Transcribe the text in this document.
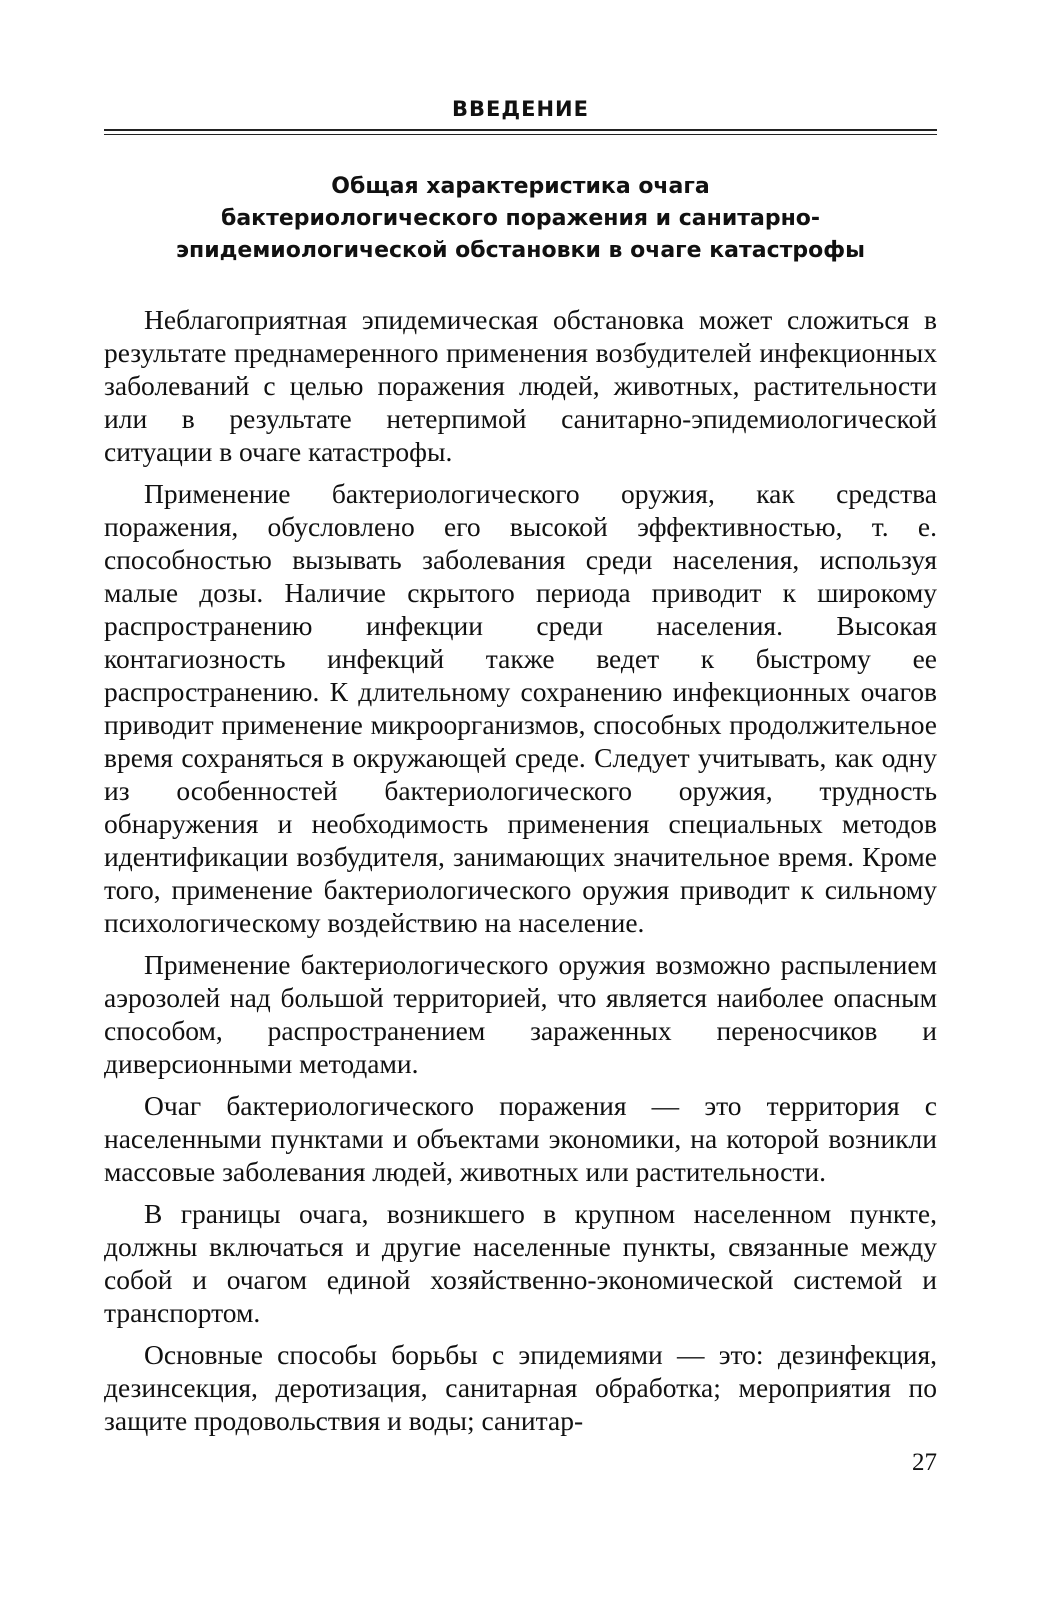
ВВЕДЕНИЕ
Общая характеристика очага
бактериологического поражения и санитарно-
эпидемиологической обстановки в очаге катастрофы

Неблагоприятная эпидемическая обстановка может сложиться в результате преднамеренного применения возбудителей инфекционных заболеваний с целью поражения людей, животных, растительности или в результате нетерпимой санитарно-эпидемиологической ситуации в очаге катастрофы.

Применение бактериологического оружия, как средства поражения, обусловлено его высокой эффективностью, т. е. способностью вызывать заболевания среди населения, используя малые дозы. Наличие скрытого периода приводит к широкому распространению инфекции среди населения. Высокая контагиозность инфекций также ведет к быстрому ее распространению. К длительному сохранению инфекционных очагов приводит применение микроорганизмов, способных продолжительное время сохраняться в окружающей среде. Следует учитывать, как одну из особенностей бактериологического оружия, трудность обнаружения и необходимость применения специальных методов идентификации возбудителя, занимающих значительное время. Кроме того, применение бактериологического оружия приводит к сильному психологическому воздействию на население.

Применение бактериологического оружия возможно распылением аэрозолей над большой территорией, что является наиболее опасным способом, распространением зараженных переносчиков и диверсионными методами.

Очаг бактериологического поражения — это территория с населенными пунктами и объектами экономики, на которой возникли массовые заболевания людей, животных или растительности.

В границы очага, возникшего в крупном населенном пункте, должны включаться и другие населенные пункты, связанные между собой и очагом единой хозяйственно-экономической системой и транспортом.

Основные способы борьбы с эпидемиями — это: дезинфекция, дезинсекция, деротизация, санитарная обработка; мероприятия по защите продовольствия и воды; санитар-

27
